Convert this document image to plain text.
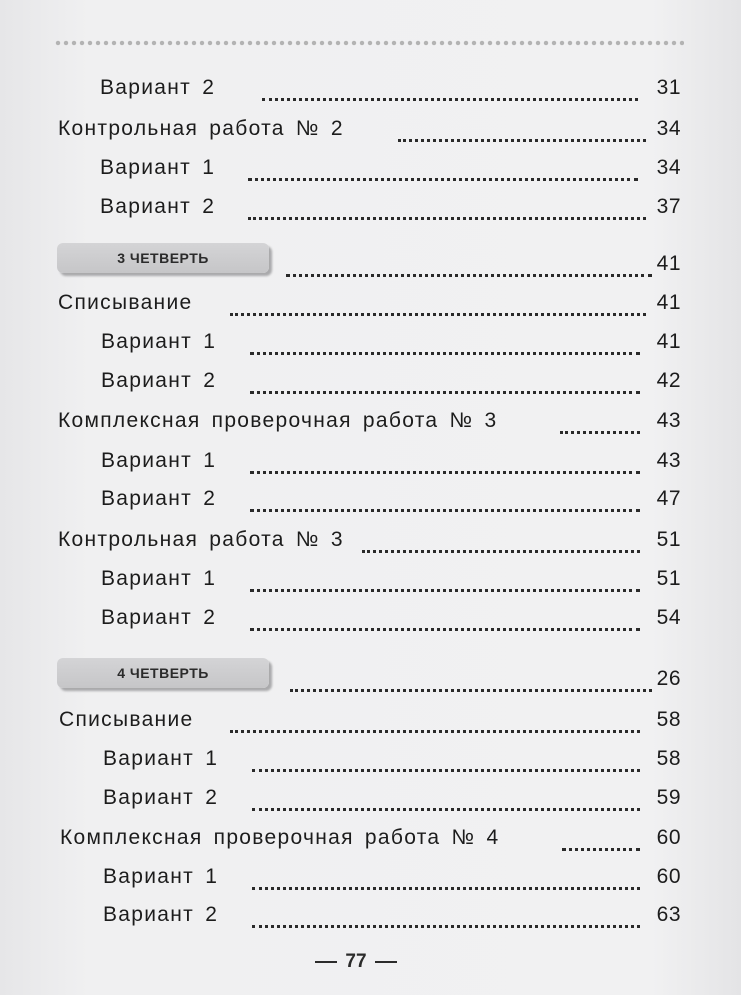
Вариант 2	31
Контрольная работа № 2	34
Вариант 1	34
Вариант 2	37
3 ЧЕТВЕРТЬ	41
Списывание	41
Вариант 1	41
Вариант 2	42
Комплексная проверочная работа № 3	43
Вариант 1	43
Вариант 2	47
Контрольная работа № 3	51
Вариант 1	51
Вариант 2	54
4 ЧЕТВЕРТЬ	26
Списывание	58
Вариант 1	58
Вариант 2	59
Комплексная проверочная работа № 4	60
Вариант 1	60
Вариант 2	63
77
